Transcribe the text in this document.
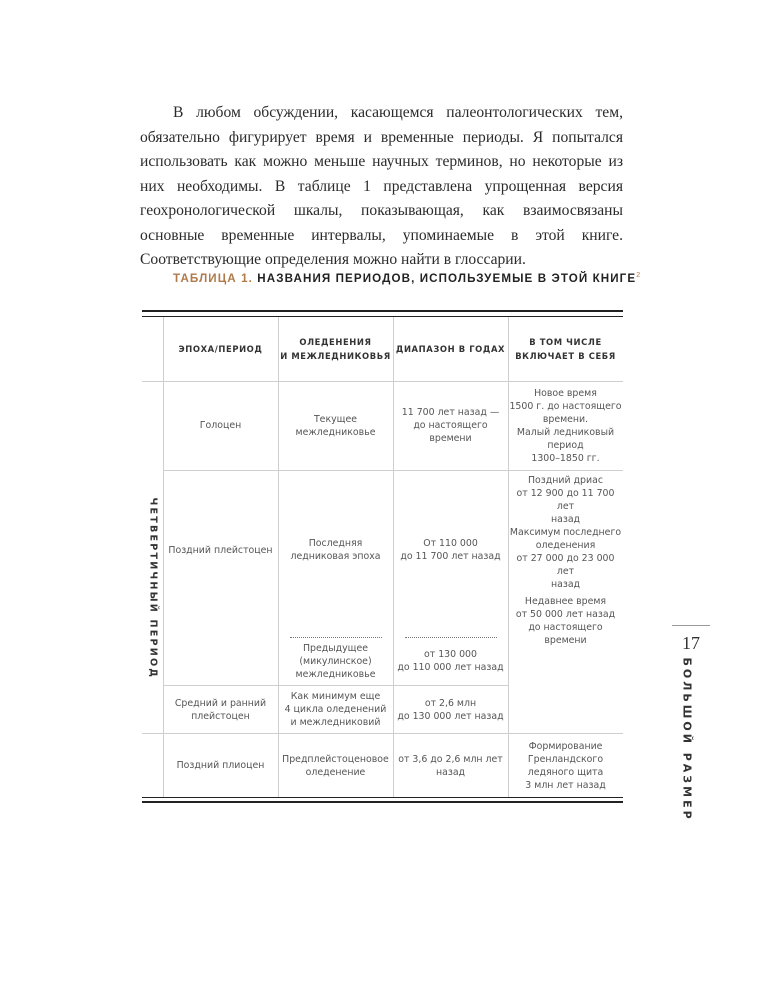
В любом обсуждении, касающемся палеонтологических тем, обязательно фигурирует время и временные периоды. Я попытался использовать как можно меньше научных терминов, но некоторые из них необходимы. В таблице 1 представлена упрощенная версия геохронологической шкалы, показывающая, как взаимосвязаны основные временные интервалы, упоминаемые в этой книге. Соответствующие определения можно найти в глоссарии.

ТАБЛИЦА 1. НАЗВАНИЯ ПЕРИОДОВ, ИСПОЛЬЗУЕМЫЕ В ЭТОЙ КНИГЕ$^2$
ЭПОХА/ПЕРИОД
ОЛЕДЕНЕНИЯ
И МЕЖЛЕДНИКОВЬЯ
ДИАПАЗОН В ГОДАХ
В ТОМ ЧИСЛЕ
ВКЛЮЧАЕТ В СЕБЯ
ЧЕТВЕРТИЧНЫЙ ПЕРИОД
Голоцен
Текущее
межледниковье
11 700 лет назад —
до настоящего
времени
Новое время
1500 г. до настоящего
времени.
Малый ледниковый
период
1300–1850 гг.
Поздний плейстоцен
Последняя
ледниковая эпоха
От 110 000
до 11 700 лет назад
Предыдущее
(микулинское)
межледниковье
от 130 000
до 110 000 лет назад
Поздний дриас
от 12 900 до 11 700 лет
назад
Максимум последнего
оледенения
от 27 000 до 23 000 лет
назад
Недавнее время
от 50 000 лет назад
до настоящего
времени
Средний и ранний
плейстоцен
Как минимум еще
4 цикла оледенений
и межледниковий
от 2,6 млн
до 130 000 лет назад
Поздний плиоцен
Предплейстоценовое
оледенение
от 3,6 до 2,6 млн лет
назад
Формирование
Гренландского
ледяного щита
3 млн лет назад
17
БОЛЬШОЙ РАЗМЕР
